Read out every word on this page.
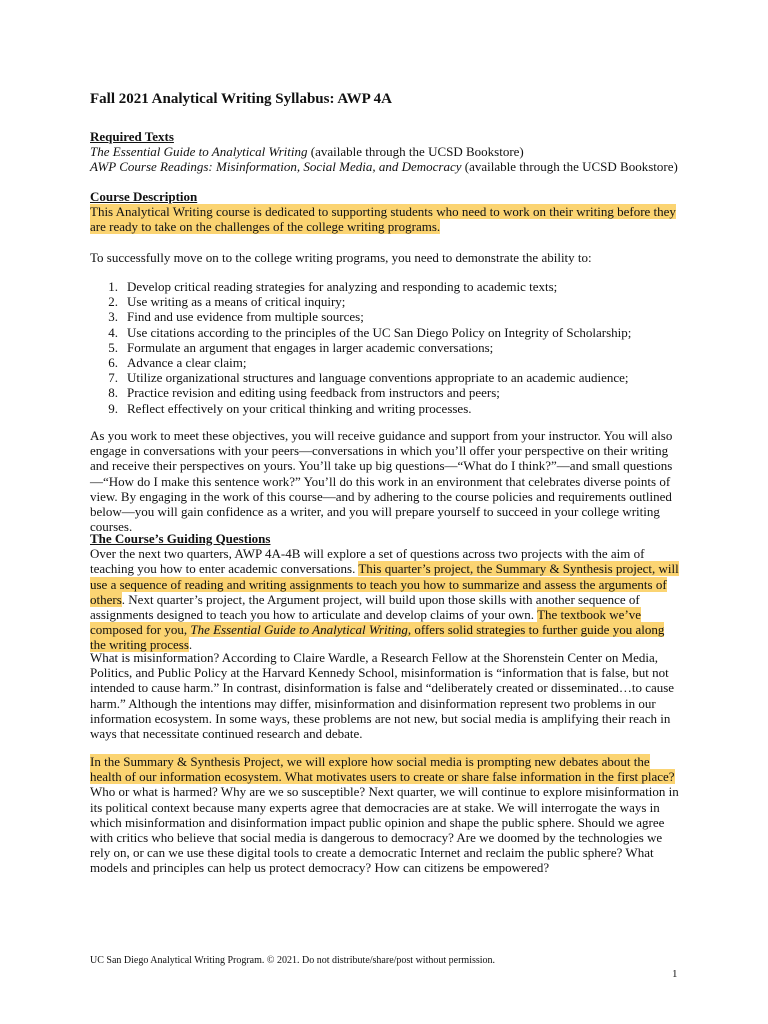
Fall 2021 Analytical Writing Syllabus: AWP 4A
Required Texts
The Essential Guide to Analytical Writing (available through the UCSD Bookstore)
AWP Course Readings: Misinformation, Social Media, and Democracy (available through the UCSD Bookstore)
Course Description

This Analytical Writing course is dedicated to supporting students who need to work on their writing before they are ready to take on the challenges of the college writing programs.

To successfully move on to the college writing programs, you need to demonstrate the ability to:
1. Develop critical reading strategies for analyzing and responding to academic texts;
2. Use writing as a means of critical inquiry;
3. Find and use evidence from multiple sources;
4. Use citations according to the principles of the UC San Diego Policy on Integrity of Scholarship;
5. Formulate an argument that engages in larger academic conversations;
6. Advance a clear claim;
7. Utilize organizational structures and language conventions appropriate to an academic audience;
8. Practice revision and editing using feedback from instructors and peers;
9. Reflect effectively on your critical thinking and writing processes.
As you work to meet these objectives, you will receive guidance and support from your instructor. You will also engage in conversations with your peers—conversations in which you’ll offer your perspective on their writing and receive their perspectives on yours. You’ll take up big questions—“What do I think?”—and small questions—“How do I make this sentence work?” You’ll do this work in an environment that celebrates diverse points of view. By engaging in the work of this course—and by adhering to the course policies and requirements outlined below—you will gain confidence as a writer, and you will prepare yourself to succeed in your college writing courses.
The Course’s Guiding Questions

Over the next two quarters, AWP 4A-4B will explore a set of questions across two projects with the aim of teaching you how to enter academic conversations. This quarter’s project, the Summary & Synthesis project, will use a sequence of reading and writing assignments to teach you how to summarize and assess the arguments of others. Next quarter’s project, the Argument project, will build upon those skills with another sequence of assignments designed to teach you how to articulate and develop claims of your own. The textbook we’ve composed for you, The Essential Guide to Analytical Writing, offers solid strategies to further guide you along the writing process.

What is misinformation? According to Claire Wardle, a Research Fellow at the Shorenstein Center on Media, Politics, and Public Policy at the Harvard Kennedy School, misinformation is “information that is false, but not intended to cause harm.” In contrast, disinformation is false and “deliberately created or disseminated…to cause harm.” Although the intentions may differ, misinformation and disinformation represent two problems in our information ecosystem. In some ways, these problems are not new, but social media is amplifying their reach in ways that necessitate continued research and debate.
In the Summary & Synthesis Project, we will explore how social media is prompting new debates about the health of our information ecosystem. What motivates users to create or share false information in the first place? Who or what is harmed? Why are we so susceptible? Next quarter, we will continue to explore misinformation in its political context because many experts agree that democracies are at stake. We will interrogate the ways in which misinformation and disinformation impact public opinion and shape the public sphere. Should we agree with critics who believe that social media is dangerous to democracy? Are we doomed by the technologies we rely on, or can we use these digital tools to create a democratic Internet and reclaim the public sphere? What models and principles can help us protect democracy? How can citizens be empowered?
UC San Diego Analytical Writing Program. © 2021. Do not distribute/share/post without permission.
1
